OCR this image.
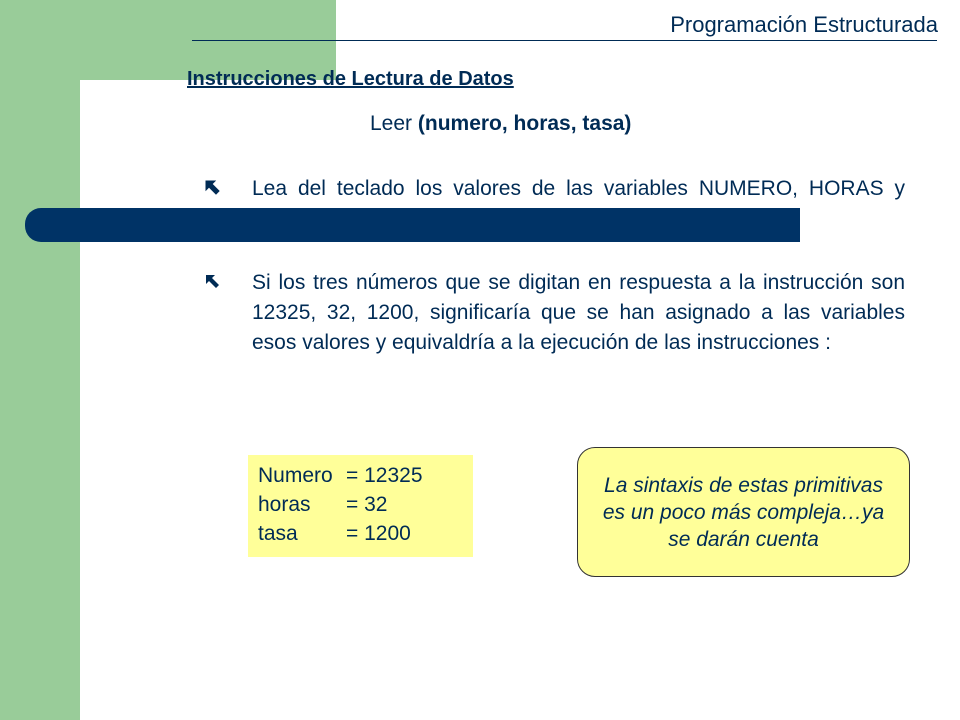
Programación Estructurada
Instrucciones de Lectura de Datos
Leer (numero, horas, tasa)
Lea del teclado los valores de las variables NUMERO, HORAS y
Si los tres números que se digitan en respuesta a la instrucción son 12325, 32, 1200, significaría que se han asignado a las variables esos valores y equivaldría a la ejecución de las instrucciones :
Numero = 12325
horas	= 32
tasa	= 1200
La sintaxis de estas primitivas es un poco más compleja…ya se darán cuenta
